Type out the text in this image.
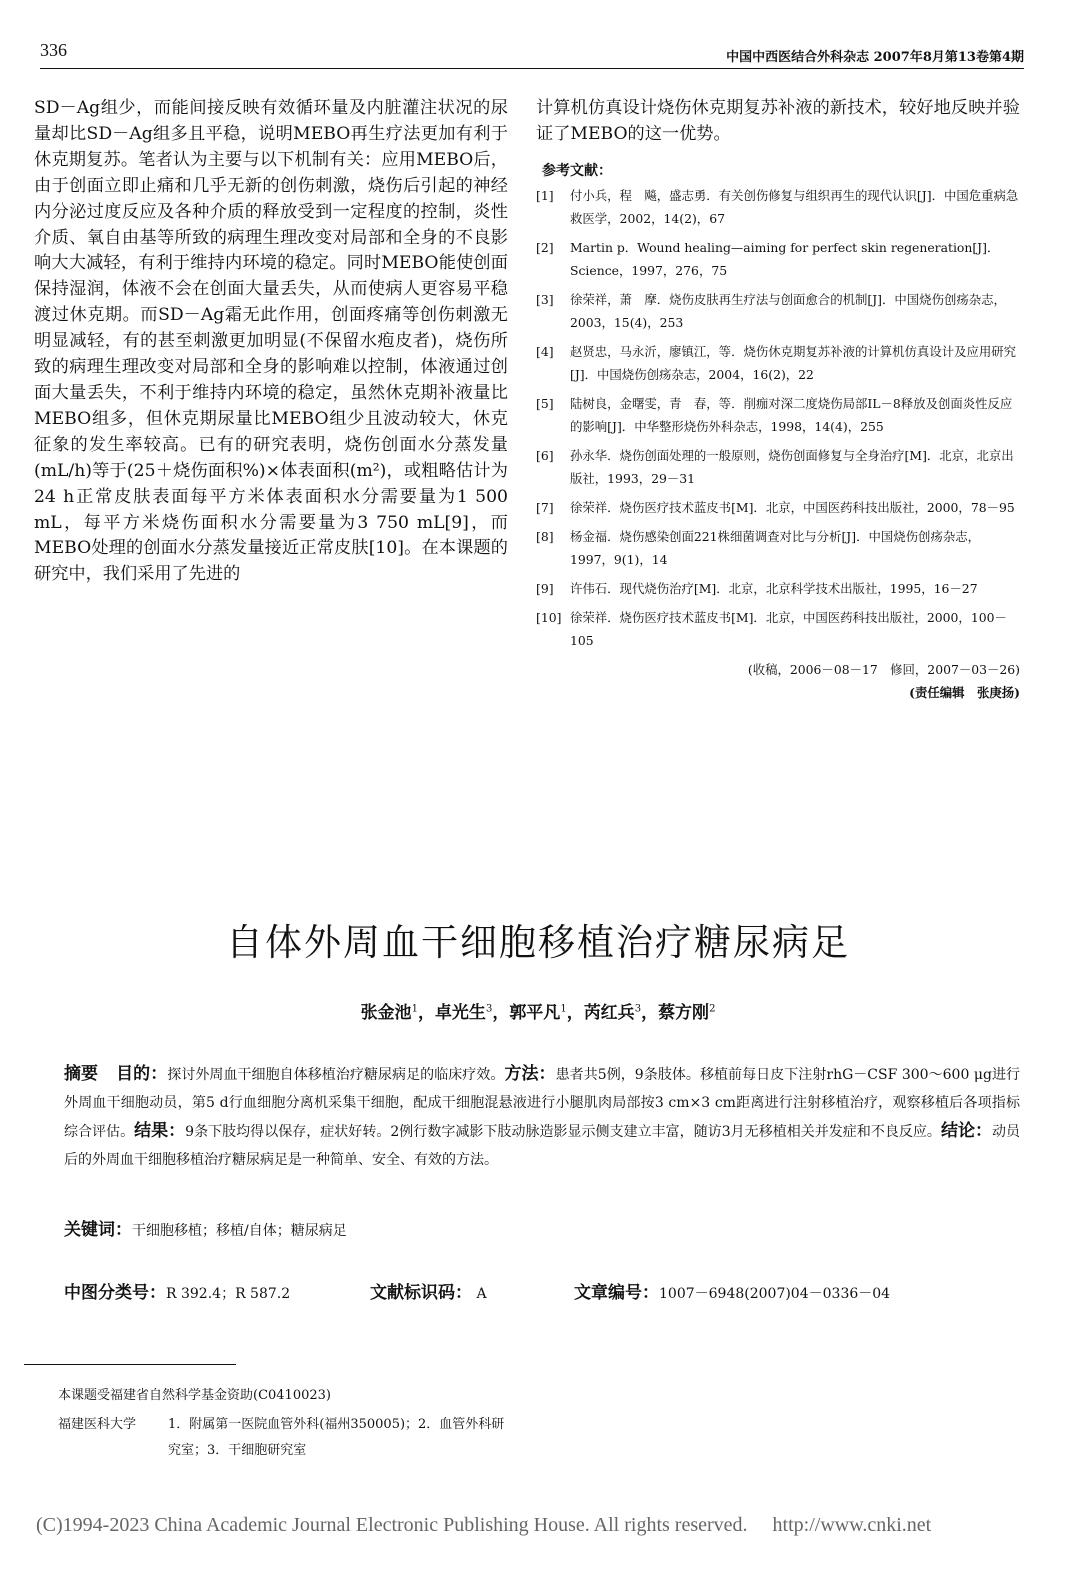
336	中国中西医结合外科杂志 2007年8月第13卷第4期

SD－Ag组少，而能间接反映有效循环量及内脏灌注状况的尿量却比SD－Ag组多且平稳，说明MEBO再生疗法更加有利于休克期复苏。笔者认为主要与以下机制有关：应用MEBO后，由于创面立即止痛和几乎无新的创伤刺激，烧伤后引起的神经内分泌过度反应及各种介质的释放受到一定程度的控制，炎性介质、氧自由基等所致的病理生理改变对局部和全身的不良影响大大减轻，有利于维持内环境的稳定。同时MEBO能使创面保持湿润，体液不会在创面大量丢失，从而使病人更容易平稳渡过休克期。而SD－Ag霜无此作用，创面疼痛等创伤刺激无明显减轻，有的甚至刺激更加明显(不保留水疱皮者)，烧伤所致的病理生理改变对局部和全身的影响难以控制，体液通过创面大量丢失，不利于维持内环境的稳定，虽然休克期补液量比MEBO组多，但休克期尿量比MEBO组少且波动较大，休克征象的发生率较高。已有的研究表明，烧伤创面水分蒸发量(mL/h)等于(25＋烧伤面积%)×体表面积(m²)，或粗略估计为24 h正常皮肤表面每平方米体表面积水分需要量为1 500 mL，每平方米烧伤面积水分需要量为3 750 mL[9]，而MEBO处理的创面水分蒸发量接近正常皮肤[10]。在本课题的研究中，我们采用了先进的

计算机仿真设计烧伤休克期复苏补液的新技术，较好地反映并验证了MEBO的这一优势。

参考文献：
[1] 付小兵，程　飚，盛志勇．有关创伤修复与组织再生的现代认识[J]．中国危重病急救医学，2002，14(2)，67
[2] Martin p．Wound healing—aiming for perfect skin regeneration[J]．Science，1997，276，75
[3] 徐荣祥，萧　摩．烧伤皮肤再生疗法与创面愈合的机制[J]．中国烧伤创疡杂志，2003，15(4)，253
[4] 赵贤忠，马永沂，廖镇江，等．烧伤休克期复苏补液的计算机仿真设计及应用研究[J]．中国烧伤创疡杂志，2004，16(2)，22
[5] 陆树良，金曙雯，青　春，等．削痂对深二度烧伤局部IL－8释放及创面炎性反应的影响[J]．中华整形烧伤外科杂志，1998，14(4)，255
[6] 孙永华．烧伤创面处理的一般原则，烧伤创面修复与全身治疗[M]．北京，北京出版社，1993，29－31
[7] 徐荣祥．烧伤医疗技术蓝皮书[M]．北京，中国医药科技出版社，2000，78－95
[8] 杨金福．烧伤感染创面221株细菌调查对比与分析[J]．中国烧伤创疡杂志，1997，9(1)，14
[9] 许伟石．现代烧伤治疗[M]．北京，北京科学技术出版社，1995，16－27
[10] 徐荣祥．烧伤医疗技术蓝皮书[M]．北京，中国医药科技出版社，2000，100－105
(收稿，2006－08－17　修回，2007－03－26)
(责任编辑　张庚扬)
自体外周血干细胞移植治疗糖尿病足
张金池$^1$，卓光生$^3$，郭平凡$^1$，芮红兵$^3$，蔡方刚$^2$
摘要 目的：探讨外周血干细胞自体移植治疗糖尿病足的临床疗效。方法：患者共5例，9条肢体。移植前每日皮下注射rhG－CSF 300～600 μg进行外周血干细胞动员，第5 d行血细胞分离机采集干细胞，配成干细胞混悬液进行小腿肌肉局部按3 cm×3 cm距离进行注射移植治疗，观察移植后各项指标综合评估。结果：9条下肢均得以保存，症状好转。2例行数字减影下肢动脉造影显示侧支建立丰富，随访3月无移植相关并发症和不良反应。结论：动员后的外周血干细胞移植治疗糖尿病足是一种简单、安全、有效的方法。
关键词：干细胞移植；移植/自体；糖尿病足
中图分类号：R 392.4；R 587.2	文献标识码： A	文章编号：1007－6948(2007)04－0336－04
本课题受福建省自然科学基金资助(C0410023)
福建医科大学 1．附属第一医院血管外科(福州350005)；2．血管外科研究室；3．干细胞研究室
(C)1994-2023 China Academic Journal Electronic Publishing House. All rights reserved.　 http://www.cnki.net
